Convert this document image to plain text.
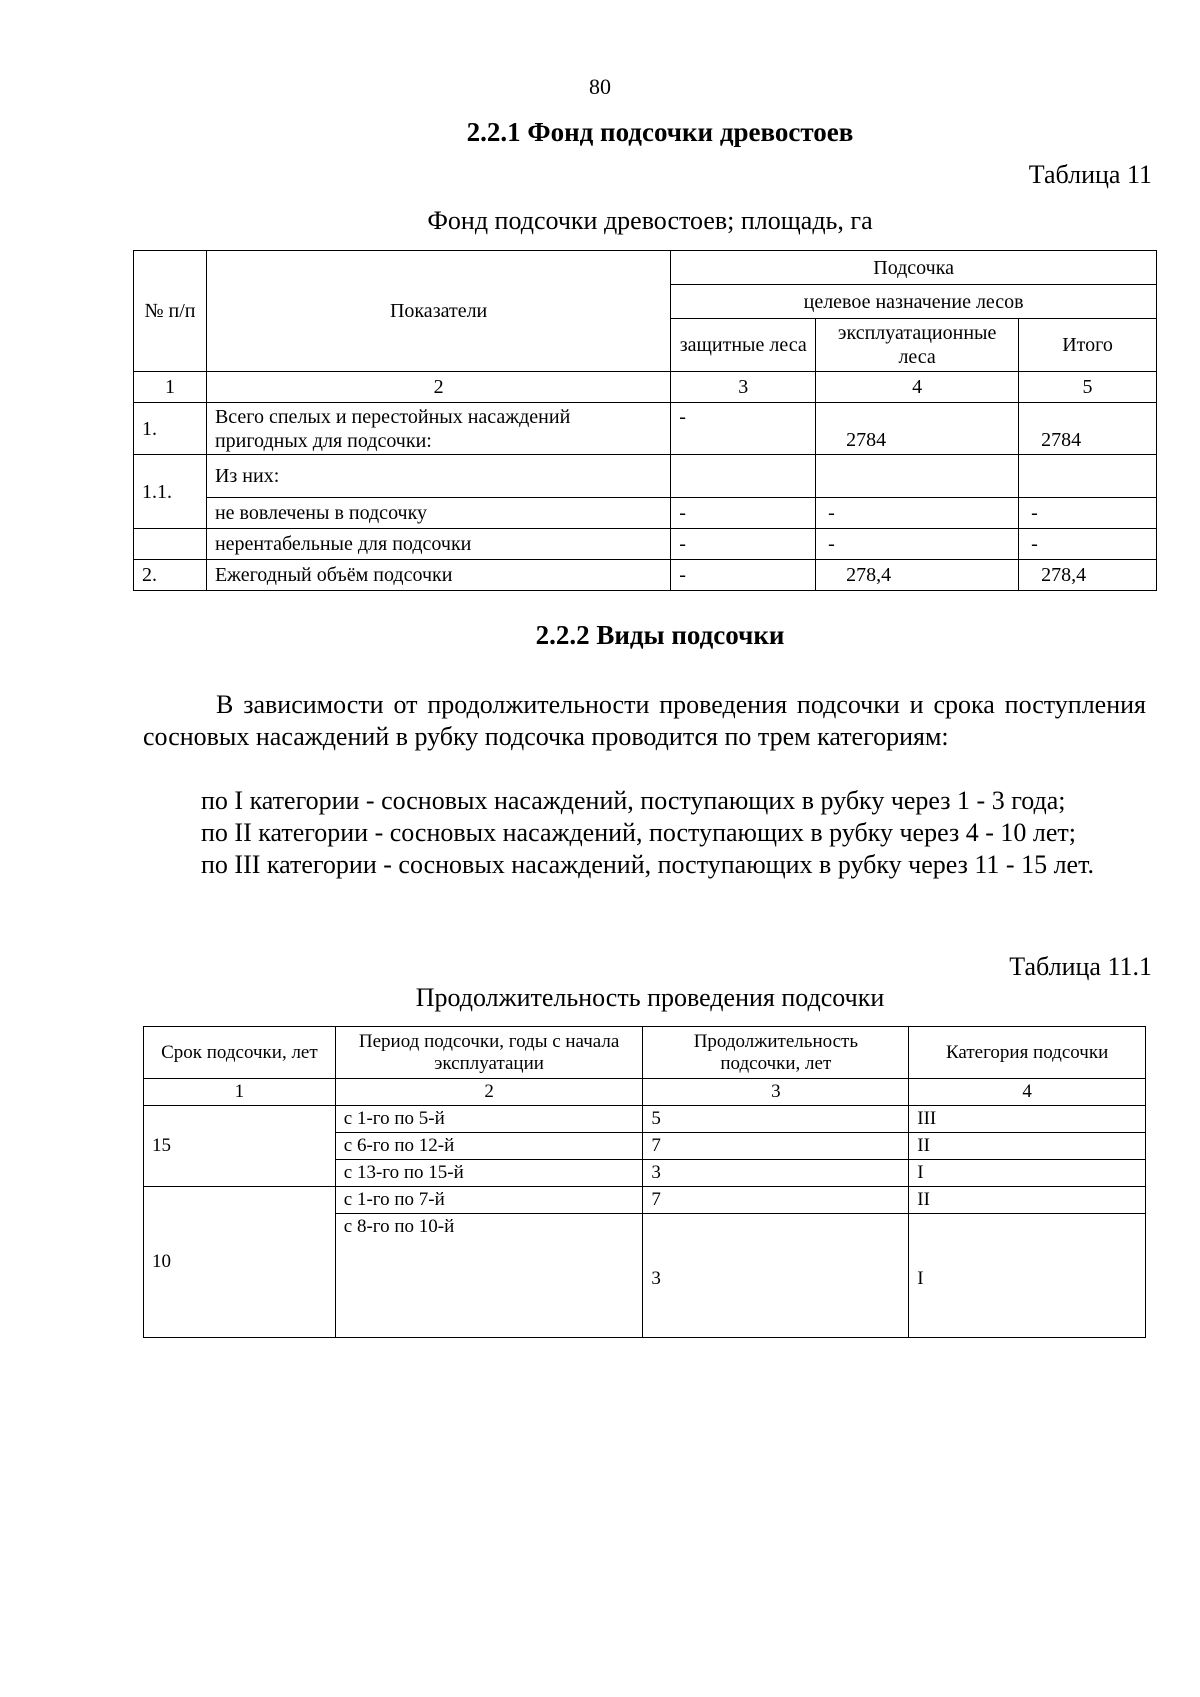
80
2.2.1 Фонд подсочки древостоев
Таблица 11
Фонд подсочки древостоев; площадь, га
№ п/п	Показатели	Подсочка		
		целевое назначение лесов		
		защитные леса	эксплуатационные леса	Итого
1	2	3	4	5
1.	Всего спелых и перестойных насаждений пригодных для подсочки:	-	2784	2784
1.1.	Из них:			
	не вовлечены в подсочку	-	-	-
	нерентабельные для подсочки	-	-	-
2.	Ежегодный объём подсочки	-	278,4	278,4
2.2.2 Виды подсочки
В зависимости от продолжительности проведения подсочки и срока поступления сосновых насаждений в рубку подсочка проводится по трем категориям:
по I категории - сосновых насаждений, поступающих в рубку через 1 - 3 года;
по II категории - сосновых насаждений, поступающих в рубку через 4 - 10 лет;
по III категории - сосновых насаждений, поступающих в рубку через 11 - 15 лет.
Таблица 11.1
Продолжительность проведения подсочки
Срок подсочки, лет	Период подсочки, годы с начала эксплуатации	Продолжительность подсочки, лет	Категория подсочки
1	2	3	4
15	с 1-го по 5-й	5	III
	с 6-го по 12-й	7	II
	с 13-го по 15-й	3	I
10	с 1-го по 7-й	7	II
	с 8-го по 10-й	3	I
